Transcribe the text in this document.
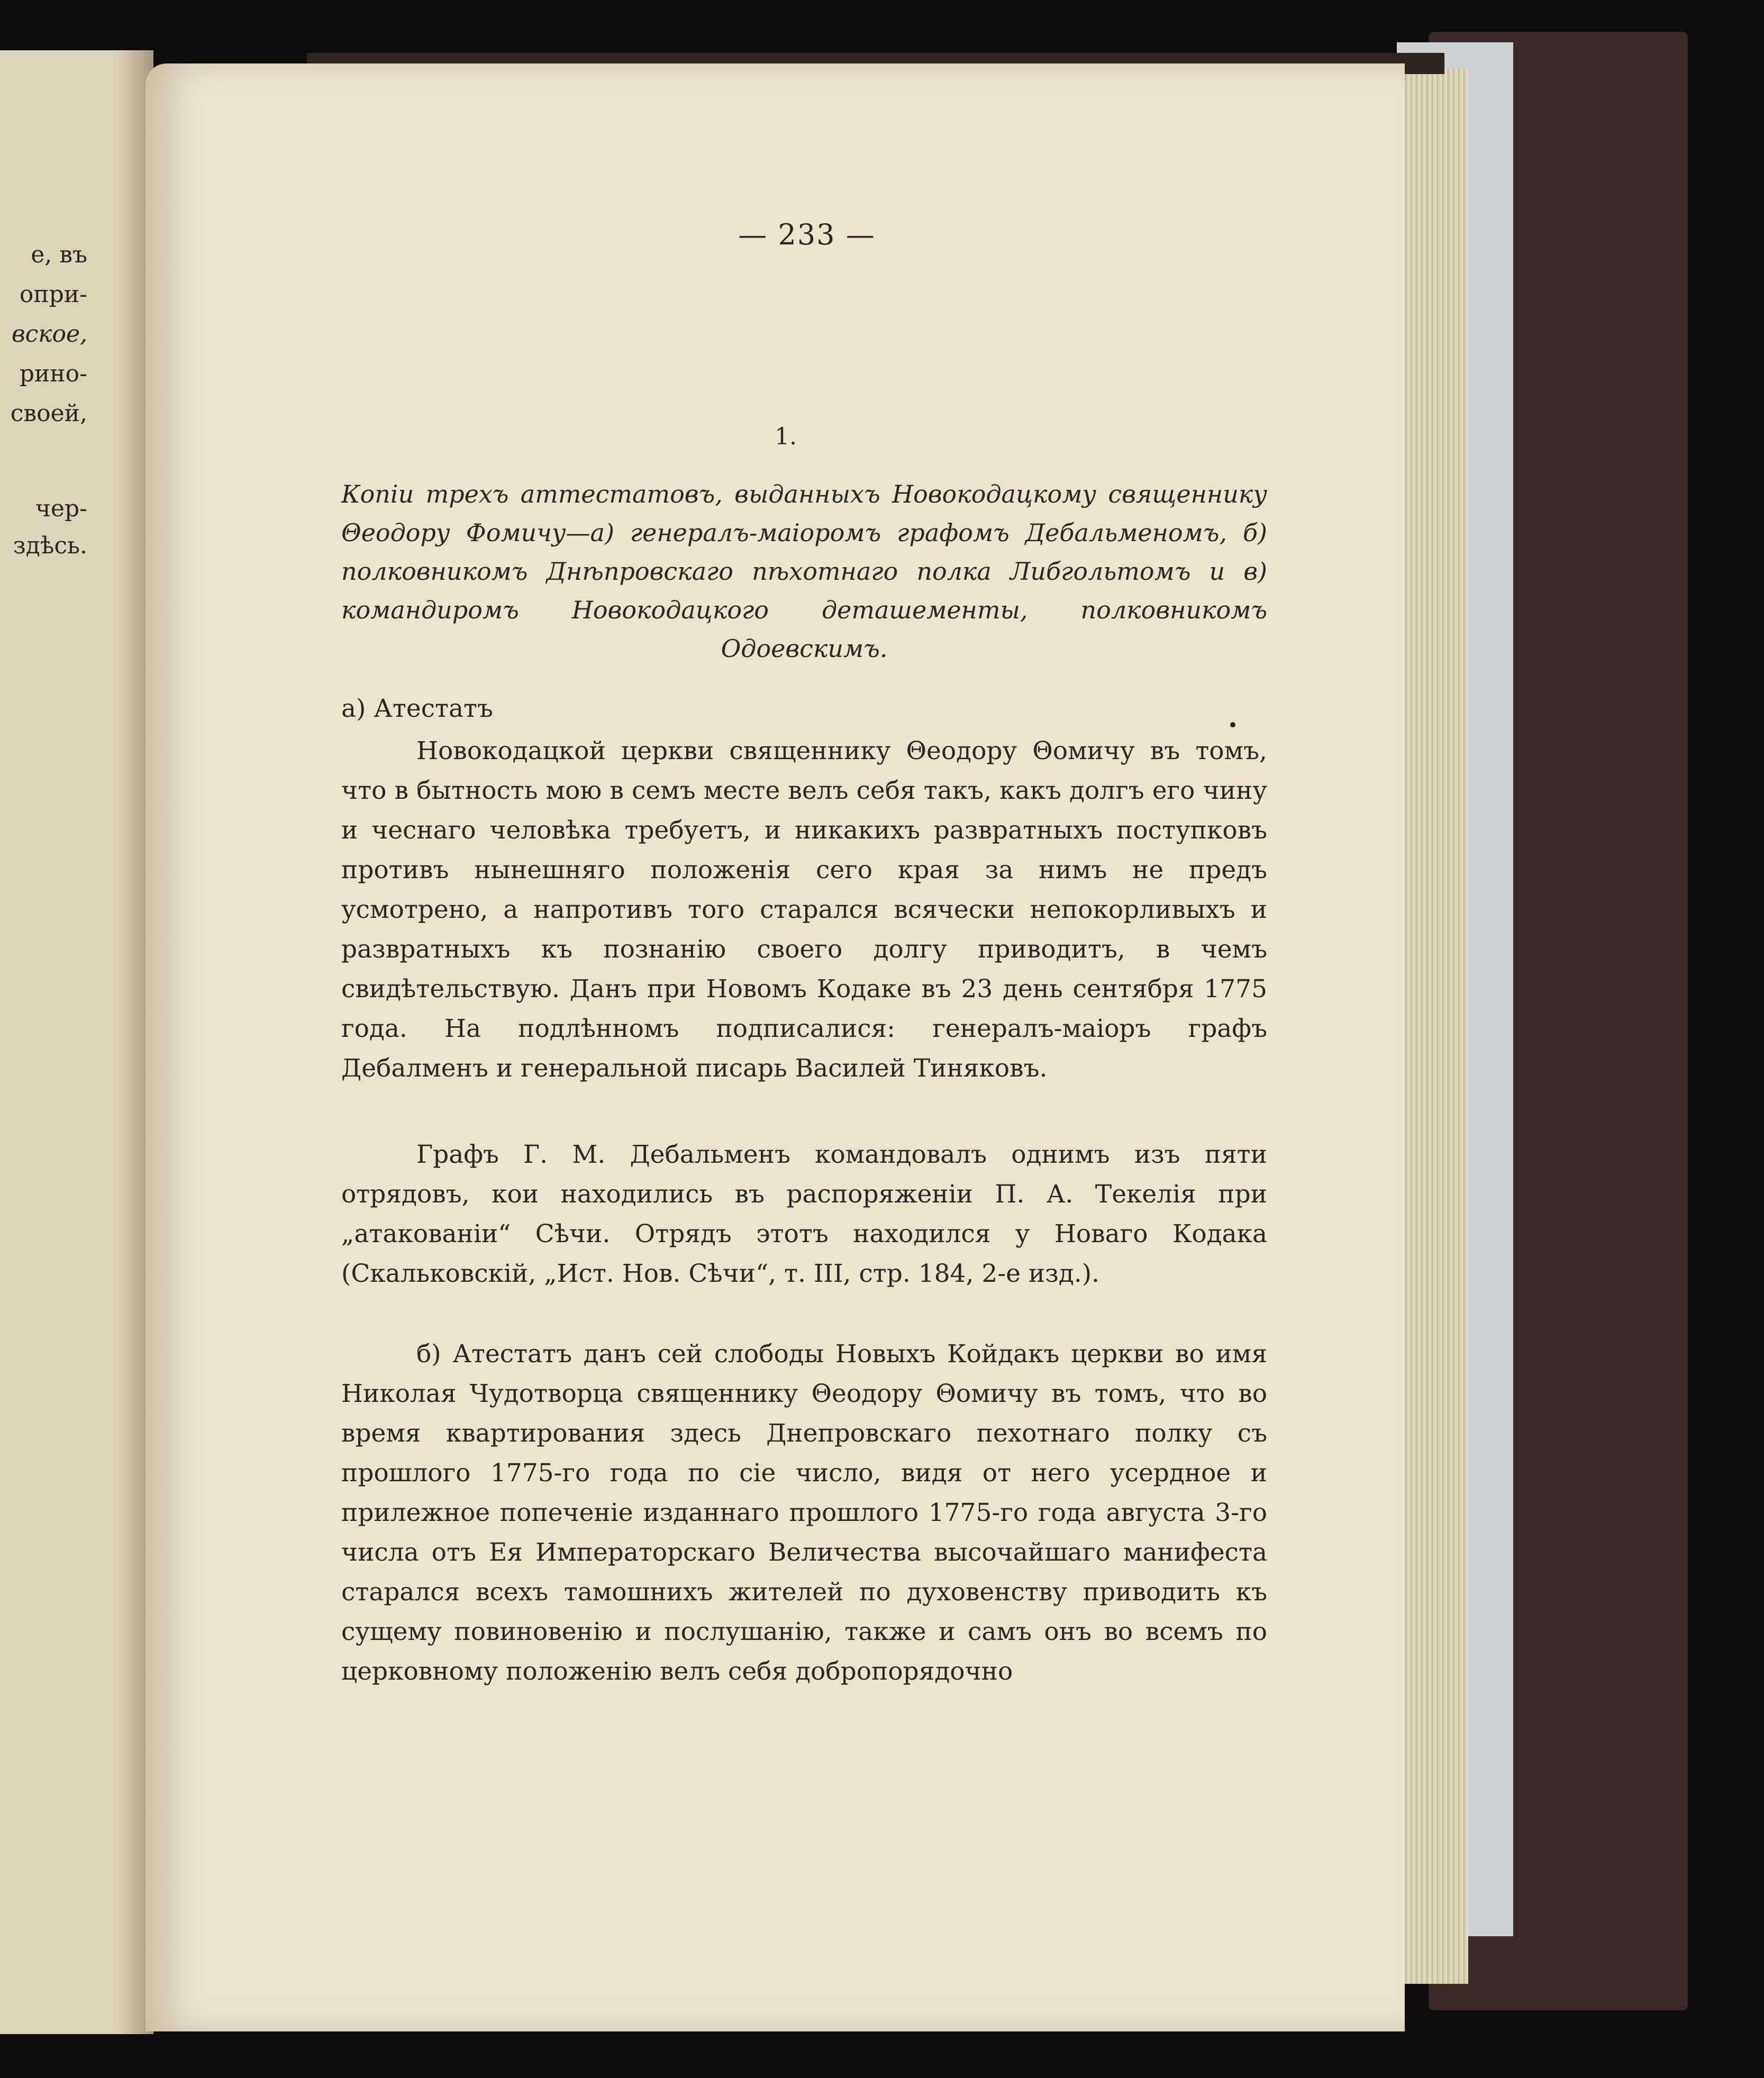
е, въ
опри-
вское,
рино-
своей,
чер-
здѣсь.
— 233 —
1.
Копіи трехъ аттестатовъ, выданныхъ Новокодацкому священнику Θеодору Фомичу—а) генералъ-маіоромъ графомъ Дебальменомъ, б) полковникомъ Днѣпровскаго пѣхотнаго полка Либгольтомъ и в) командиромъ Новокодацкого деташементы, полковникомъ Одоевскимъ.
а) Атестатъ

Новокодацкой церкви священнику Θеодору Θомичу въ томъ, что в бытность мою в семъ месте велъ себя такъ, какъ долгъ его чину и чеснаго человѣка требуетъ, и никакихъ развратныхъ поступковъ противъ нынешняго положенія сего края за нимъ не предъ усмотрено, а напротивъ того старался всячески непокорливыхъ и развратныхъ къ познанію своего долгу приводитъ, в чемъ свидѣтельствую. Данъ при Новомъ Кодаке въ 23 день сентября 1775 года. На подлѣнномъ подписалися: генералъ-маіоръ графъ Дебалменъ и генеральной писарь Василей Тиняковъ.

Графъ Г. М. Дебальменъ командовалъ однимъ изъ пяти отрядовъ, кои находились въ распоряженіи П. А. Текелія при „атакованіи“ Сѣчи. Отрядъ этотъ находился у Новаго Кодака (Скальковскій, „Ист. Нов. Сѣчи“, т. III, стр. 184, 2-е изд.).

б) Атестатъ данъ сей слободы Новыхъ Койдакъ церкви во имя Николая Чудотворца священнику Θеодору Θомичу въ томъ, что во время квартирования здесь Днепровскаго пехотнаго полку съ прошлого 1775-го года по сіе число, видя от него усердное и прилежное попеченіе изданнаго прошлого 1775-го года августа 3-го числа отъ Ея Императорскаго Величества высочайшаго манифеста старался всехъ тамошнихъ жителей по духовенству приводить къ сущему повиновенію и послушанію, также и самъ онъ во всемъ по церковному положенію велъ себя добропорядочно
